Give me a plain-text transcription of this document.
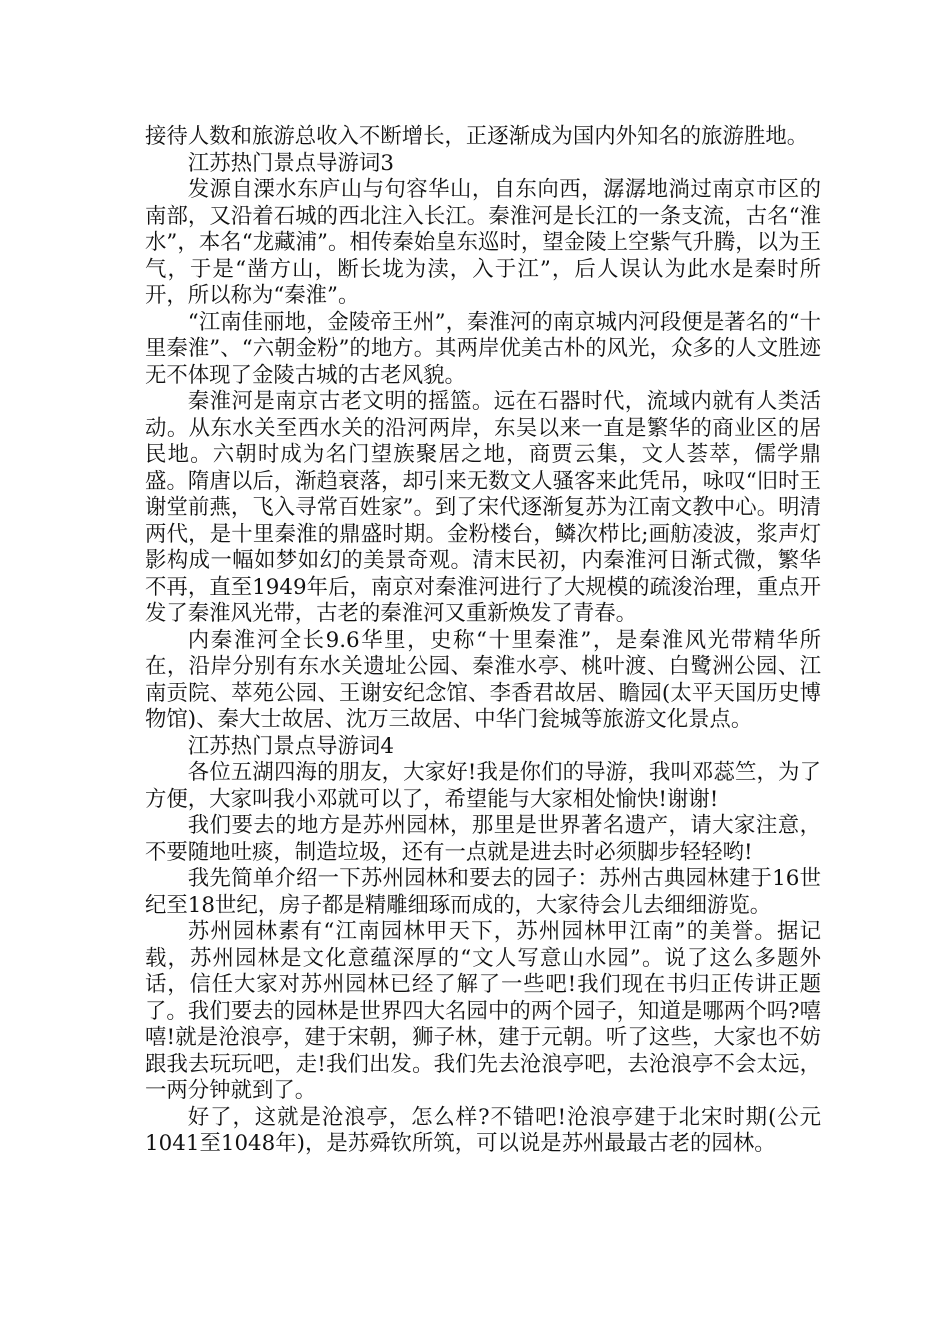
接待人数和旅游总收入不断增长，正逐渐成为国内外知名的旅游胜地。

江苏热门景点导游词3

发源自溧水东庐山与句容华山，自东向西，潺潺地淌过南京市区的南部，又沿着石城的西北注入长江。秦淮河是长江的一条支流，古名“淮水”，本名“龙藏浦”。相传秦始皇东巡时，望金陵上空紫气升腾，以为王气，于是“凿方山，断长垅为渎，入于江”，后人误认为此水是秦时所开，所以称为“秦淮”。

“江南佳丽地，金陵帝王州”，秦淮河的南京城内河段便是著名的“十里秦淮”、“六朝金粉”的地方。其两岸优美古朴的风光，众多的人文胜迹无不体现了金陵古城的古老风貌。

秦淮河是南京古老文明的摇篮。远在石器时代，流域内就有人类活动。从东水关至西水关的沿河两岸，东吴以来一直是繁华的商业区的居民地。六朝时成为名门望族聚居之地，商贾云集，文人荟萃，儒学鼎盛。隋唐以后，渐趋衰落，却引来无数文人骚客来此凭吊，咏叹“旧时王谢堂前燕，飞入寻常百姓家”。到了宋代逐渐复苏为江南文教中心。明清两代，是十里秦淮的鼎盛时期。金粉楼台，鳞次栉比;画舫凌波，浆声灯影构成一幅如梦如幻的美景奇观。清末民初，内秦淮河日渐式微，繁华不再，直至1949年后，南京对秦淮河进行了大规模的疏浚治理，重点开发了秦淮风光带，古老的秦淮河又重新焕发了青春。

内秦淮河全长9.6华里，史称“十里秦淮”，是秦淮风光带精华所在，沿岸分别有东水关遗址公园、秦淮水亭、桃叶渡、白鹭洲公园、江南贡院、萃苑公园、王谢安纪念馆、李香君故居、瞻园(太平天国历史博物馆)、秦大士故居、沈万三故居、中华门瓮城等旅游文化景点。

江苏热门景点导游词4

各位五湖四海的朋友，大家好!我是你们的导游，我叫邓蕊竺，为了方便，大家叫我小邓就可以了，希望能与大家相处愉快!谢谢!

我们要去的地方是苏州园林，那里是世界著名遗产，请大家注意，不要随地吐痰，制造垃圾，还有一点就是进去时必须脚步轻轻哟!

我先简单介绍一下苏州园林和要去的园子：苏州古典园林建于16世纪至18世纪，房子都是精雕细琢而成的，大家待会儿去细细游览。

苏州园林素有“江南园林甲天下，苏州园林甲江南”的美誉。据记载，苏州园林是文化意蕴深厚的“文人写意山水园”。说了这么多题外话，信任大家对苏州园林已经了解了一些吧!我们现在书归正传讲正题了。我们要去的园林是世界四大名园中的两个园子，知道是哪两个吗?嘻嘻!就是沧浪亭，建于宋朝，狮子林，建于元朝。听了这些，大家也不妨跟我去玩玩吧，走!我们出发。我们先去沧浪亭吧，去沧浪亭不会太远，一两分钟就到了。

好了，这就是沧浪亭，怎么样?不错吧!沧浪亭建于北宋时期(公元1041至1048年)，是苏舜钦所筑，可以说是苏州最最古老的园林。
